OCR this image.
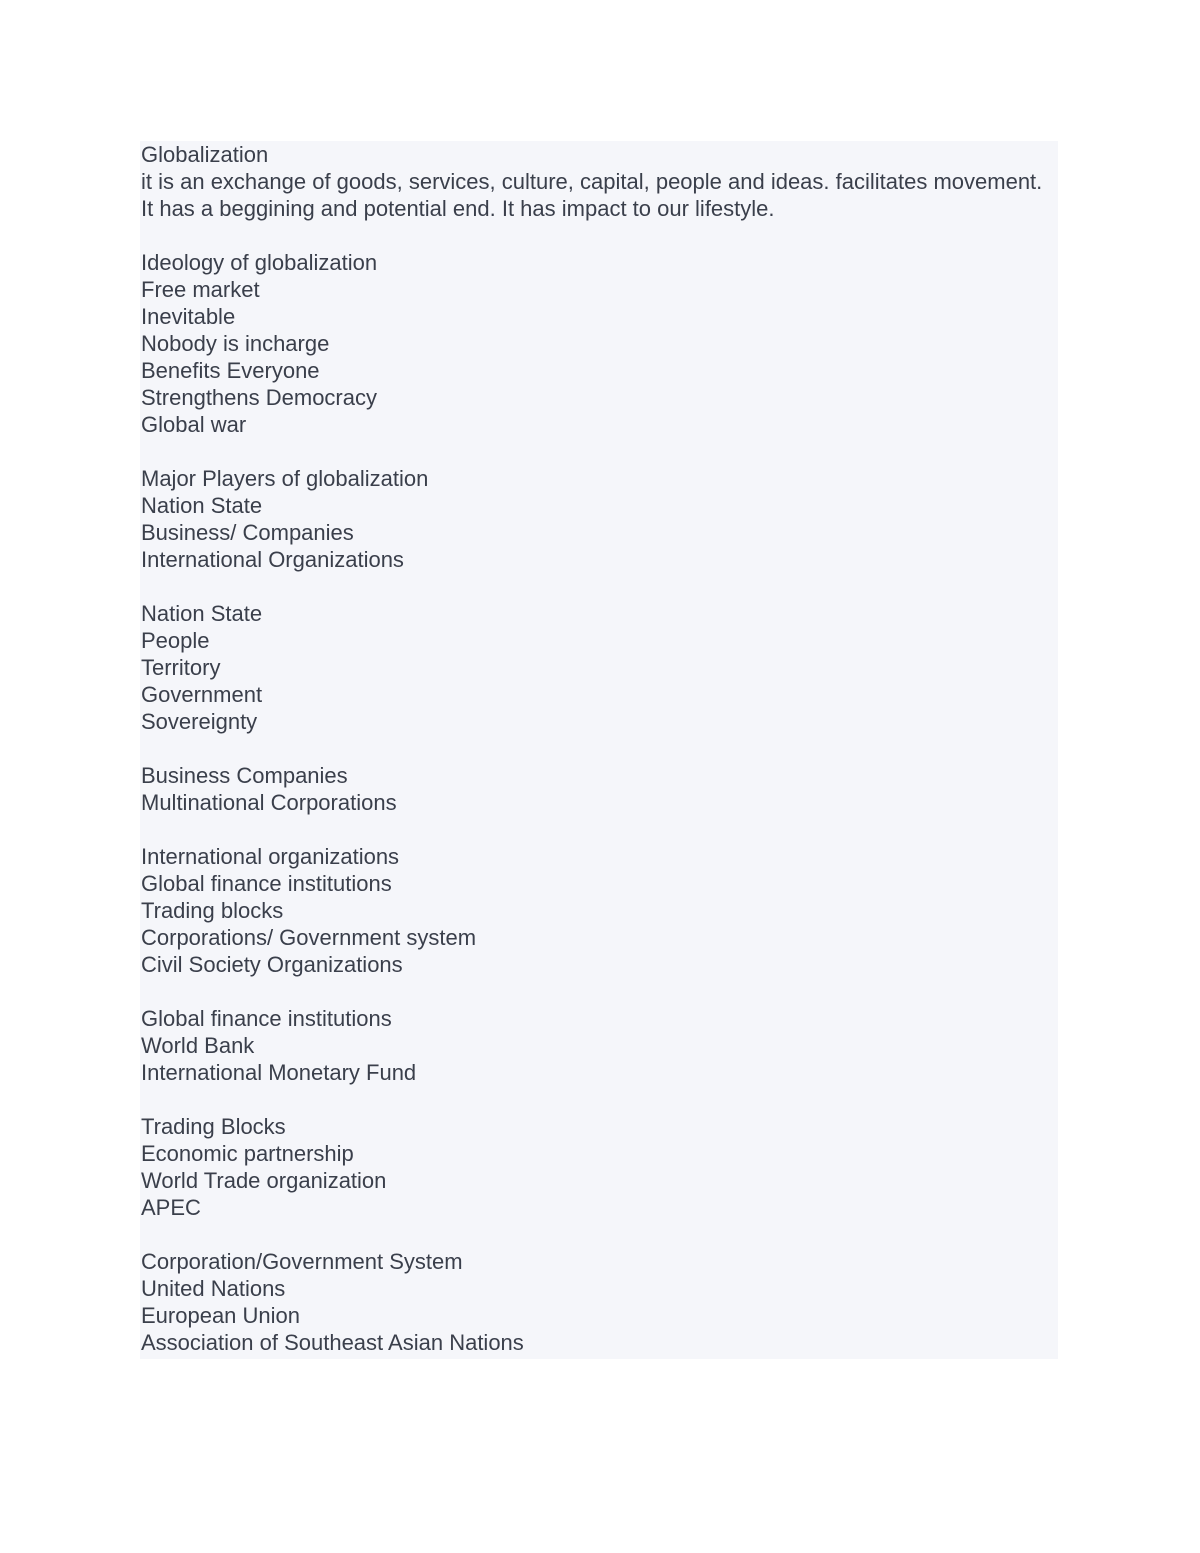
Globalization
it is an exchange of goods, services, culture, capital, people and ideas. facilitates movement. It has a beggining and potential end. It has impact to our lifestyle.
Ideology of globalization
Free market
Inevitable
Nobody is incharge
Benefits Everyone
Strengthens Democracy
Global war
Major Players of globalization
Nation State
Business/ Companies
International Organizations
Nation State
People
Territory
Government
Sovereignty
Business Companies
Multinational Corporations
International organizations
Global finance institutions
Trading blocks
Corporations/ Government system
Civil Society Organizations
Global finance institutions
World Bank
International Monetary Fund
Trading Blocks
Economic partnership
World Trade organization
APEC
Corporation/Government System
United Nations
European Union
Association of Southeast Asian Nations
